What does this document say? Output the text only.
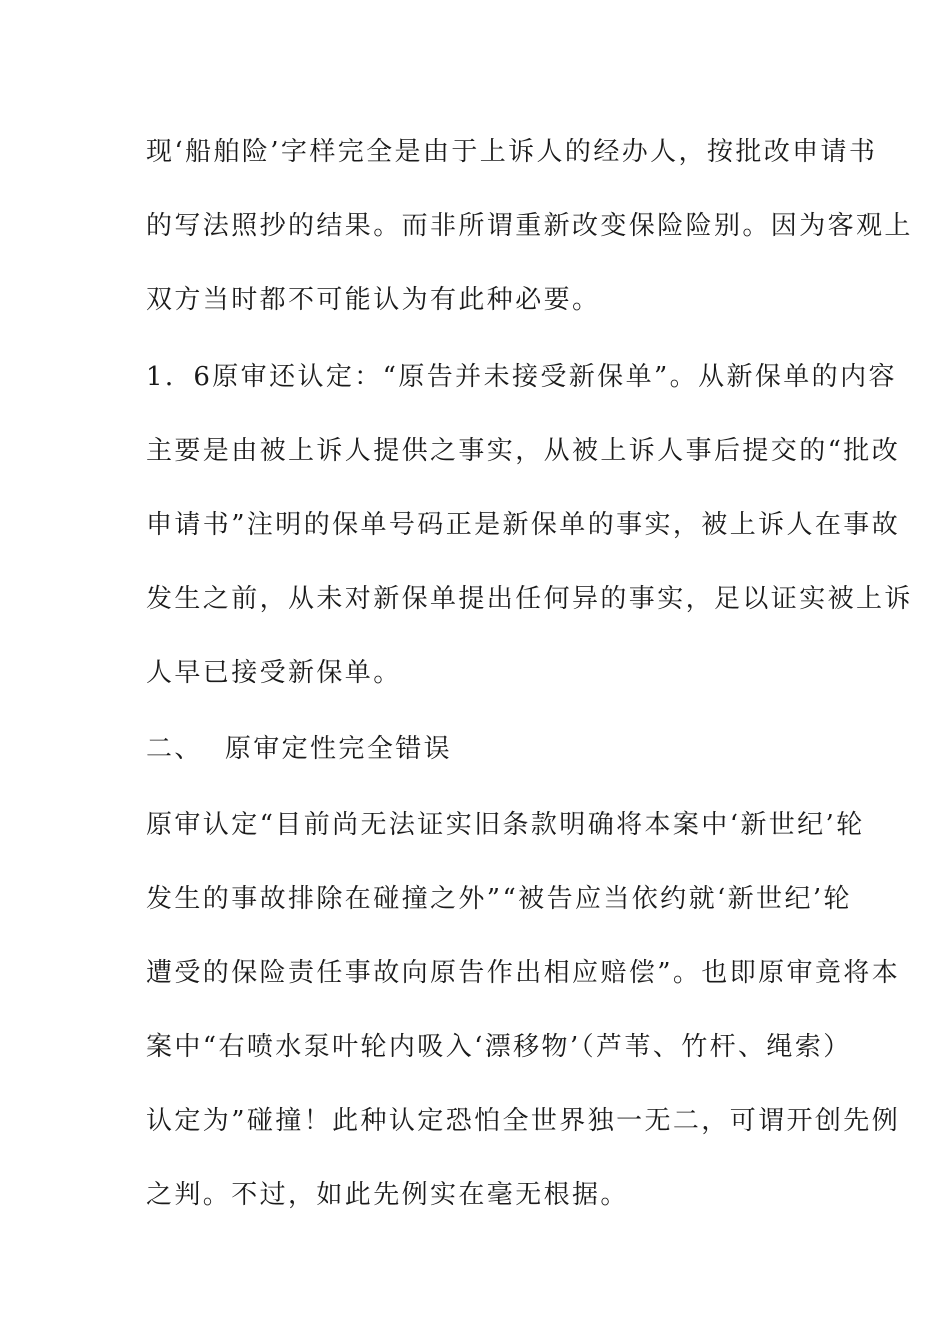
现‘船舶险’字样完全是由于上诉人的经办人，按批改申请书
的写法照抄的结果。而非所谓重新改变保险险别。因为客观上
双方当时都不可能认为有此种必要。
1．6原审还认定：“原告并未接受新保单”。从新保单的内容
主要是由被上诉人提供之事实，从被上诉人事后提交的“批改
申请书”注明的保单号码正是新保单的事实，被上诉人在事故
发生之前，从未对新保单提出任何异的事实，足以证实被上诉
人早已接受新保单。
二、 原审定性完全错误
原审认定“目前尚无法证实旧条款明确将本案中‘新世纪’轮
发生的事故排除在碰撞之外”“被告应当依约就‘新世纪’轮
遭受的保险责任事故向原告作出相应赔偿”。也即原审竟将本
案中“右喷水泵叶轮内吸入‘漂移物’（芦苇、竹杆、绳索）
认定为”碰撞！此种认定恐怕全世界独一无二，可谓开创先例
之判。不过，如此先例实在毫无根据。
